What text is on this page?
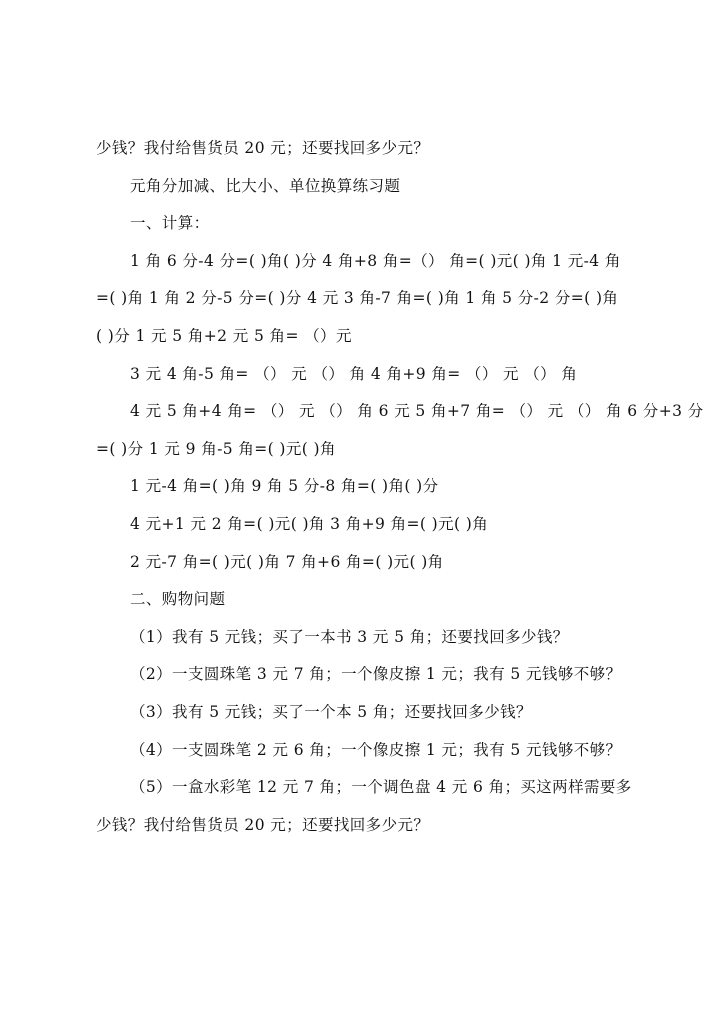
少钱？我付给售货员 20 元；还要找回多少元？
元角分加减、比大小、单位换算练习题
一、计算：
1 角 6 分-4 分=( )角( )分 4 角+8 角=（） 角=( )元( )角 1 元-4 角
=( )角 1 角 2 分-5 分=( )分 4 元 3 角-7 角=( )角 1 角 5 分-2 分=( )角
( )分 1 元 5 角+2 元 5 角= （）元
3 元 4 角-5 角= （） 元 （） 角 4 角+9 角= （） 元 （） 角
4 元 5 角+4 角= （） 元 （） 角 6 元 5 角+7 角= （） 元 （） 角 6 分+3 分
=( )分 1 元 9 角-5 角=( )元( )角
1 元-4 角=( )角 9 角 5 分-8 角=( )角( )分
4 元+1 元 2 角=( )元( )角 3 角+9 角=( )元( )角
2 元-7 角=( )元( )角 7 角+6 角=( )元( )角
二、购物问题
（1）我有 5 元钱；买了一本书 3 元 5 角；还要找回多少钱？
（2）一支圆珠笔 3 元 7 角；一个像皮擦 1 元；我有 5 元钱够不够？
（3）我有 5 元钱；买了一个本 5 角；还要找回多少钱？
（4）一支圆珠笔 2 元 6 角；一个像皮擦 1 元；我有 5 元钱够不够？
（5）一盒水彩笔 12 元 7 角；一个调色盘 4 元 6 角；买这两样需要多
少钱？我付给售货员 20 元；还要找回多少元？
